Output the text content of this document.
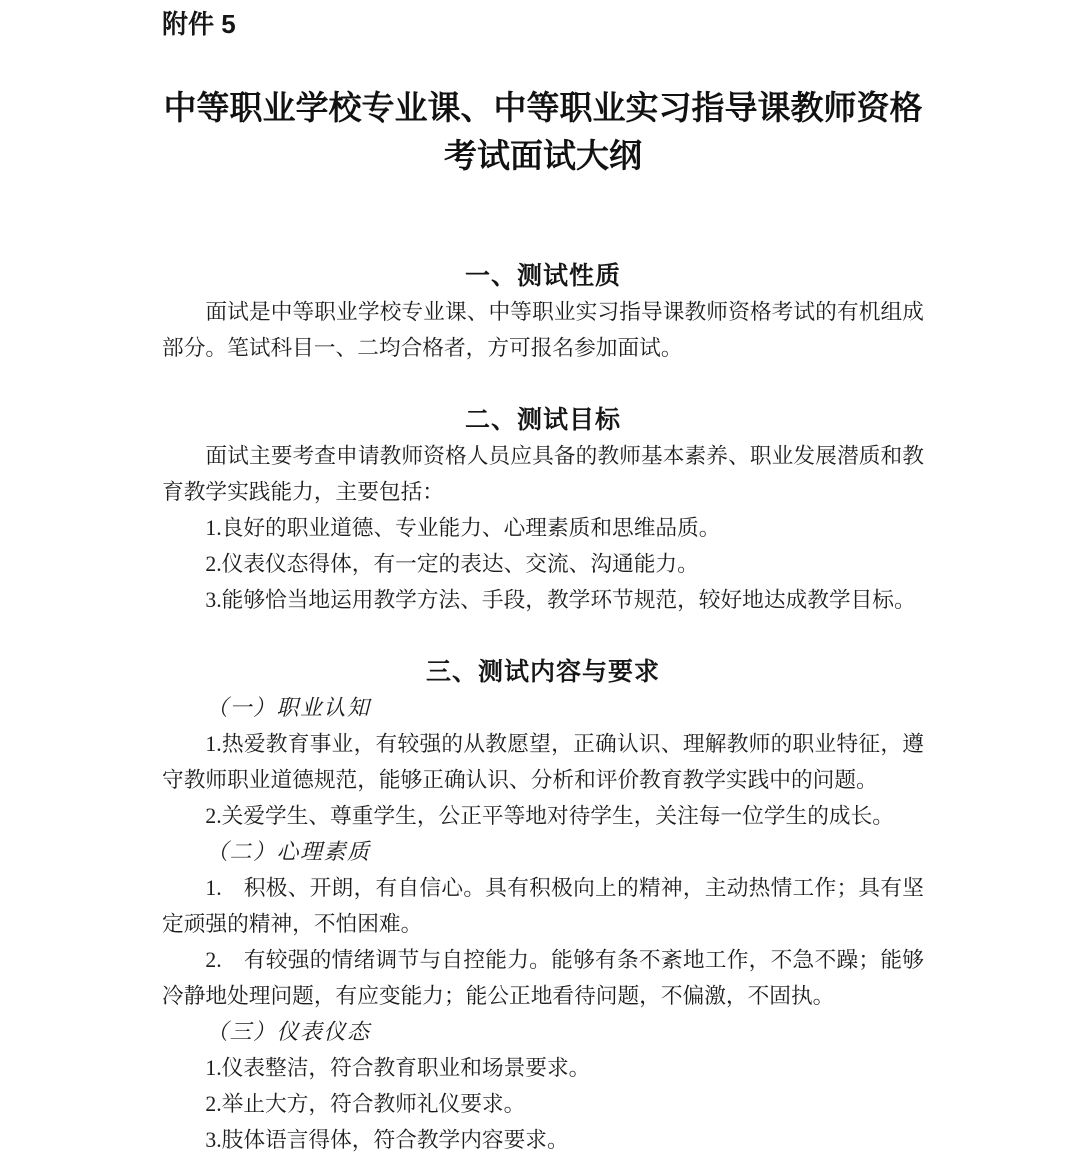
附件 5

中等职业学校专业课、中等职业实习指导课教师资格
考试面试大纲
一、测试性质

面试是中等职业学校专业课、中等职业实习指导课教师资格考试的有机组成部分。笔试科目一、二均合格者，方可报名参加面试。

二、测试目标

面试主要考查申请教师资格人员应具备的教师基本素养、职业发展潜质和教育教学实践能力，主要包括：

1.良好的职业道德、专业能力、心理素质和思维品质。

2.仪表仪态得体，有一定的表达、交流、沟通能力。

3.能够恰当地运用教学方法、手段，教学环节规范，较好地达成教学目标。

三、测试内容与要求

（一）职业认知

1.热爱教育事业，有较强的从教愿望，正确认识、理解教师的职业特征，遵守教师职业道德规范，能够正确认识、分析和评价教育教学实践中的问题。

2.关爱学生、尊重学生，公正平等地对待学生，关注每一位学生的成长。

（二）心理素质

1.　积极、开朗，有自信心。具有积极向上的精神，主动热情工作；具有坚定顽强的精神，不怕困难。

2.　有较强的情绪调节与自控能力。能够有条不紊地工作，不急不躁；能够冷静地处理问题，有应变能力；能公正地看待问题，不偏激，不固执。

（三）仪表仪态

1.仪表整洁，符合教育职业和场景要求。

2.举止大方，符合教师礼仪要求。

3.肢体语言得体，符合教学内容要求。
